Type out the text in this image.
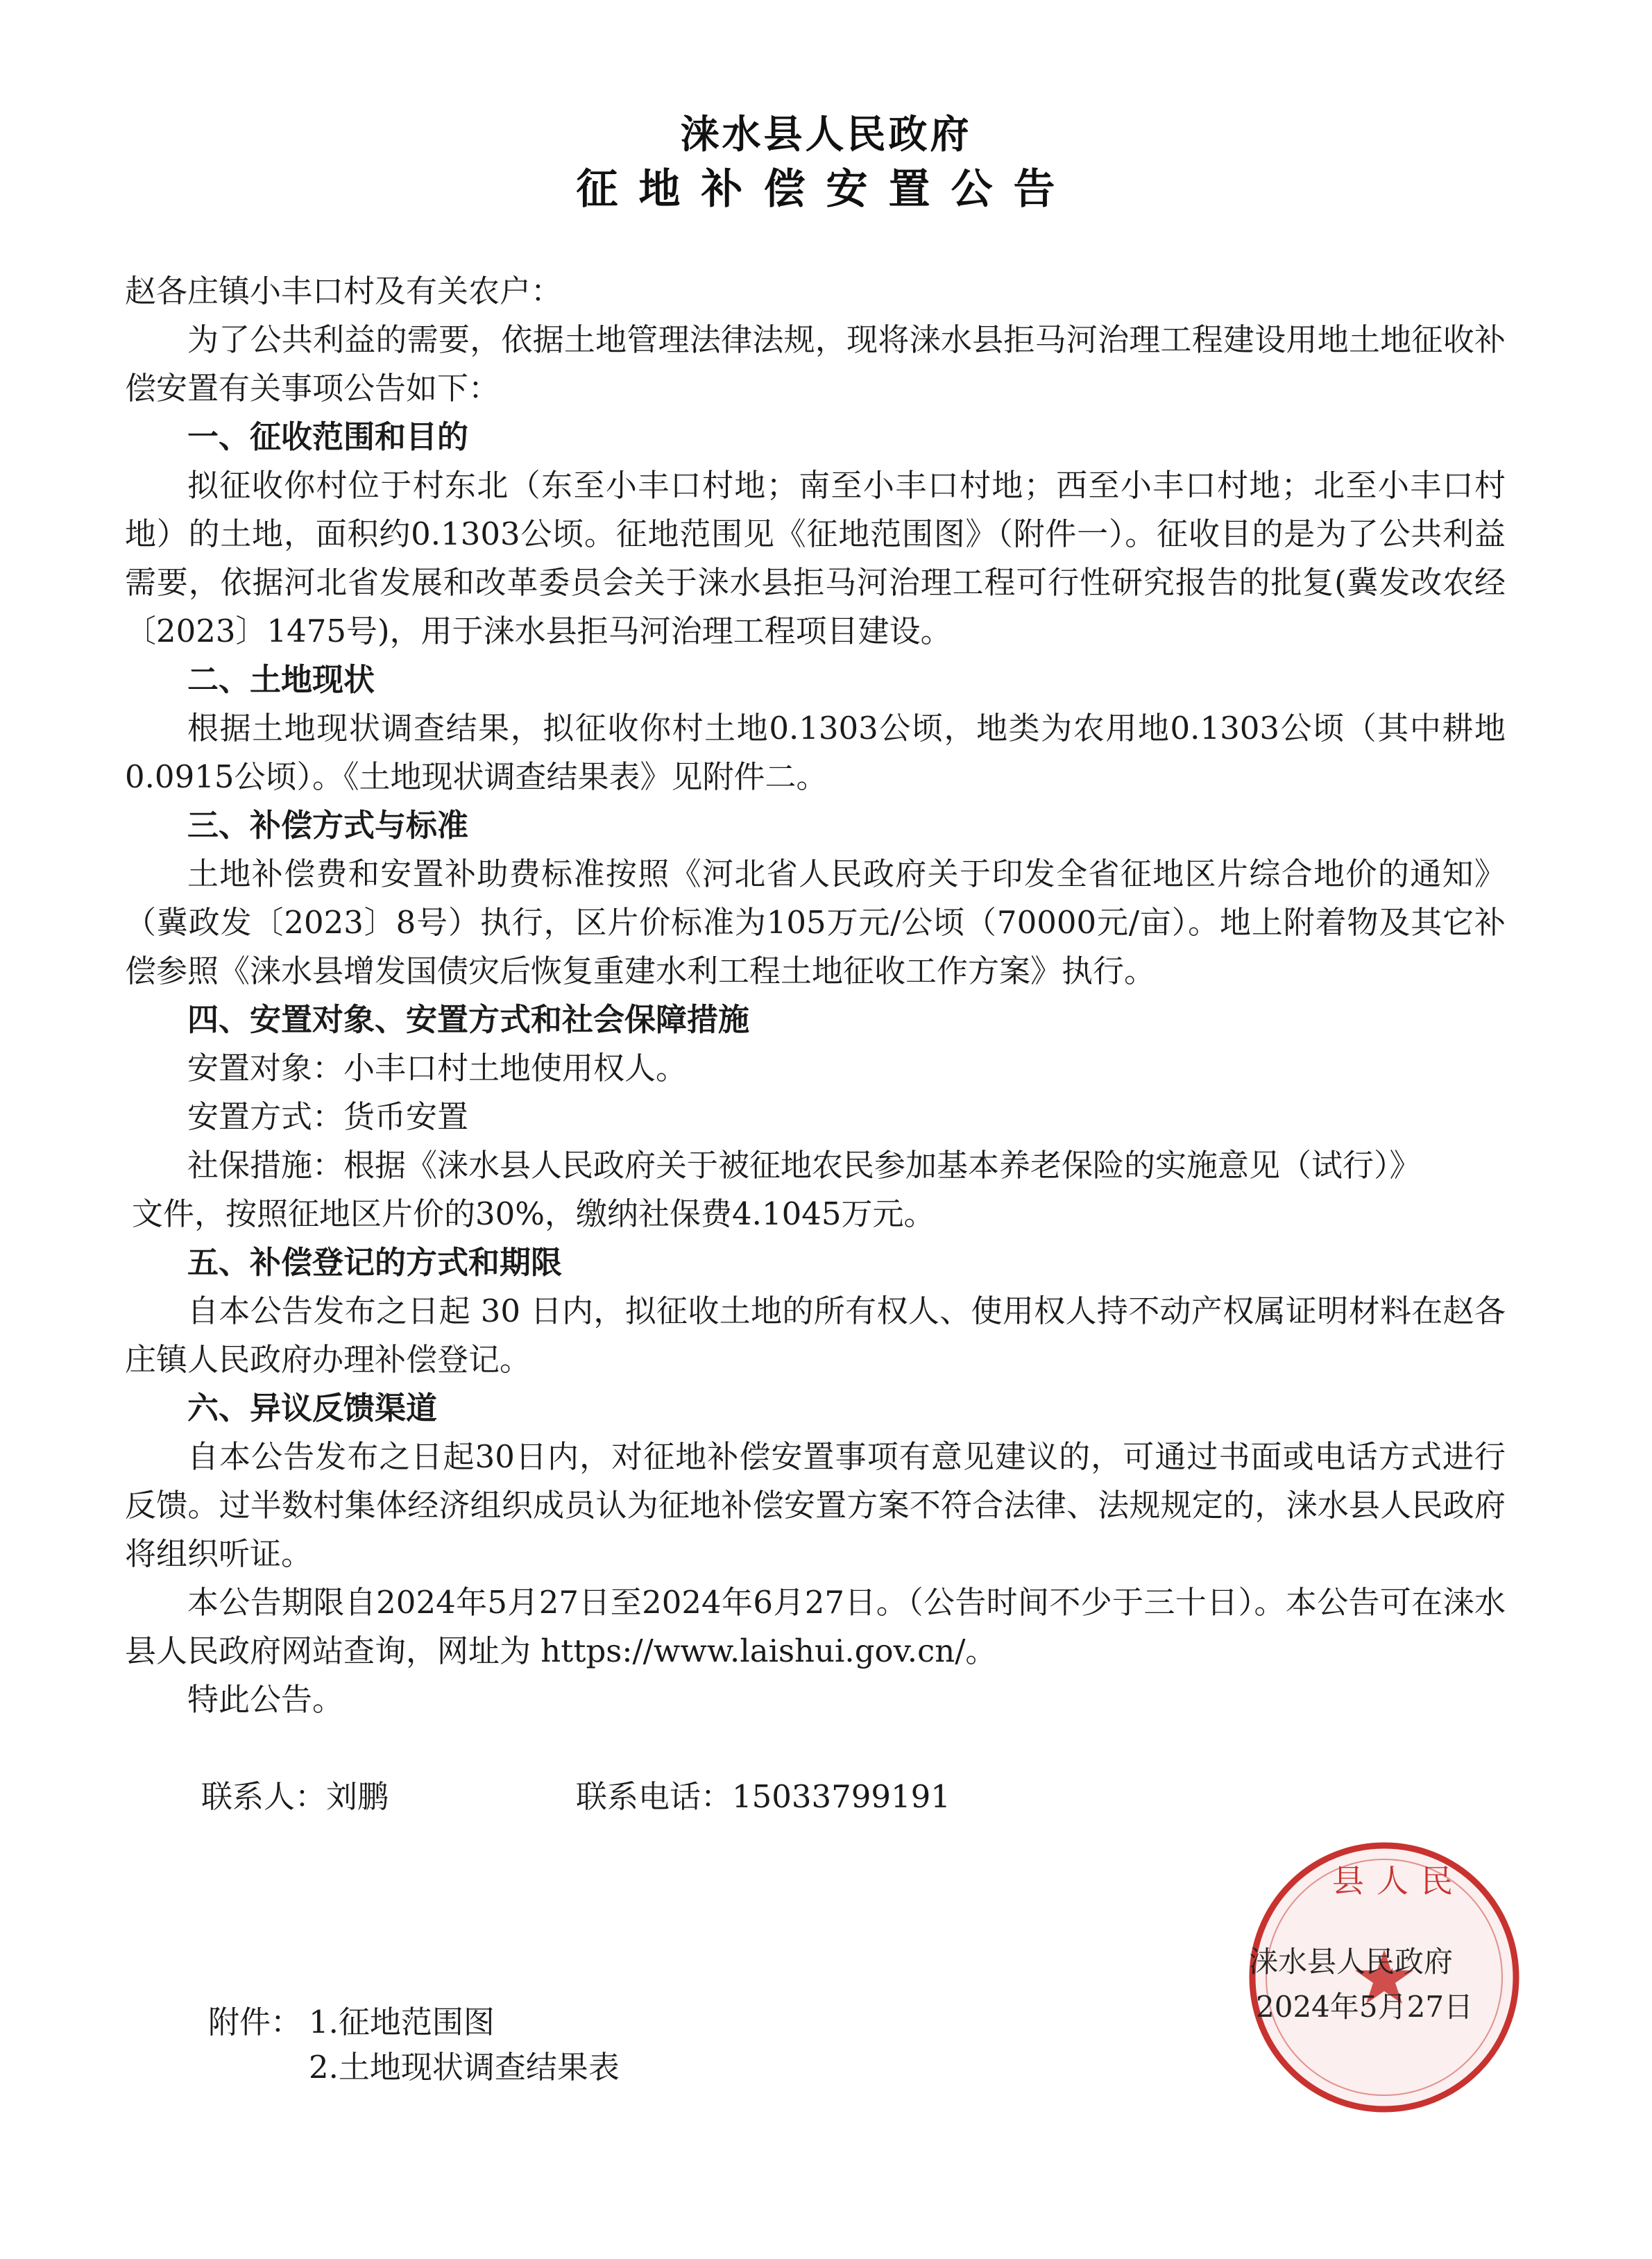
涞水县人民政府
征地补偿安置公告

赵各庄镇小丰口村及有关农户：

为了公共利益的需要，依据土地管理法律法规，现将涞水县拒马河治理工程建设用地土地征收补偿安置有关事项公告如下：

一、征收范围和目的

拟征收你村位于村东北（东至小丰口村地；南至小丰口村地；西至小丰口村地；北至小丰口村地）的土地，面积约0.1303公顷。征地范围见《征地范围图》（附件一）。征收目的是为了公共利益需要，依据河北省发展和改革委员会关于涞水县拒马河治理工程可行性研究报告的批复(冀发改农经〔2023〕1475号)，用于涞水县拒马河治理工程项目建设。

二、土地现状

根据土地现状调查结果，拟征收你村土地0.1303公顷，地类为农用地0.1303公顷（其中耕地0.0915公顷）。《土地现状调查结果表》见附件二。

三、补偿方式与标准

土地补偿费和安置补助费标准按照《河北省人民政府关于印发全省征地区片综合地价的通知》（冀政发〔2023〕8号）执行，区片价标准为105万元/公顷（70000元/亩）。地上附着物及其它补偿参照《涞水县增发国债灾后恢复重建水利工程土地征收工作方案》执行。

四、安置对象、安置方式和社会保障措施

安置对象：小丰口村土地使用权人。

安置方式：货币安置

社保措施：根据《涞水县人民政府关于被征地农民参加基本养老保险的实施意见（试行）》

文件，按照征地区片价的30%，缴纳社保费4.1045万元。

五、补偿登记的方式和期限

自本公告发布之日起 30 日内，拟征收土地的所有权人、使用权人持不动产权属证明材料在赵各庄镇人民政府办理补偿登记。

六、异议反馈渠道

自本公告发布之日起30日内，对征地补偿安置事项有意见建议的，可通过书面或电话方式进行反馈。过半数村集体经济组织成员认为征地补偿安置方案不符合法律、法规规定的，涞水县人民政府将组织听证。

本公告期限自2024年5月27日至2024年6月27日。（公告时间不少于三十日）。本公告可在涞水县人民政府网站查询，网址为 https://www.laishui.gov.cn/。

特此公告。

联系人：刘鹏	联系电话：15033799191

县人民
涞水县人民政府
2024年5月27日

附件： 1.征地范围图

2.土地现状调查结果表
